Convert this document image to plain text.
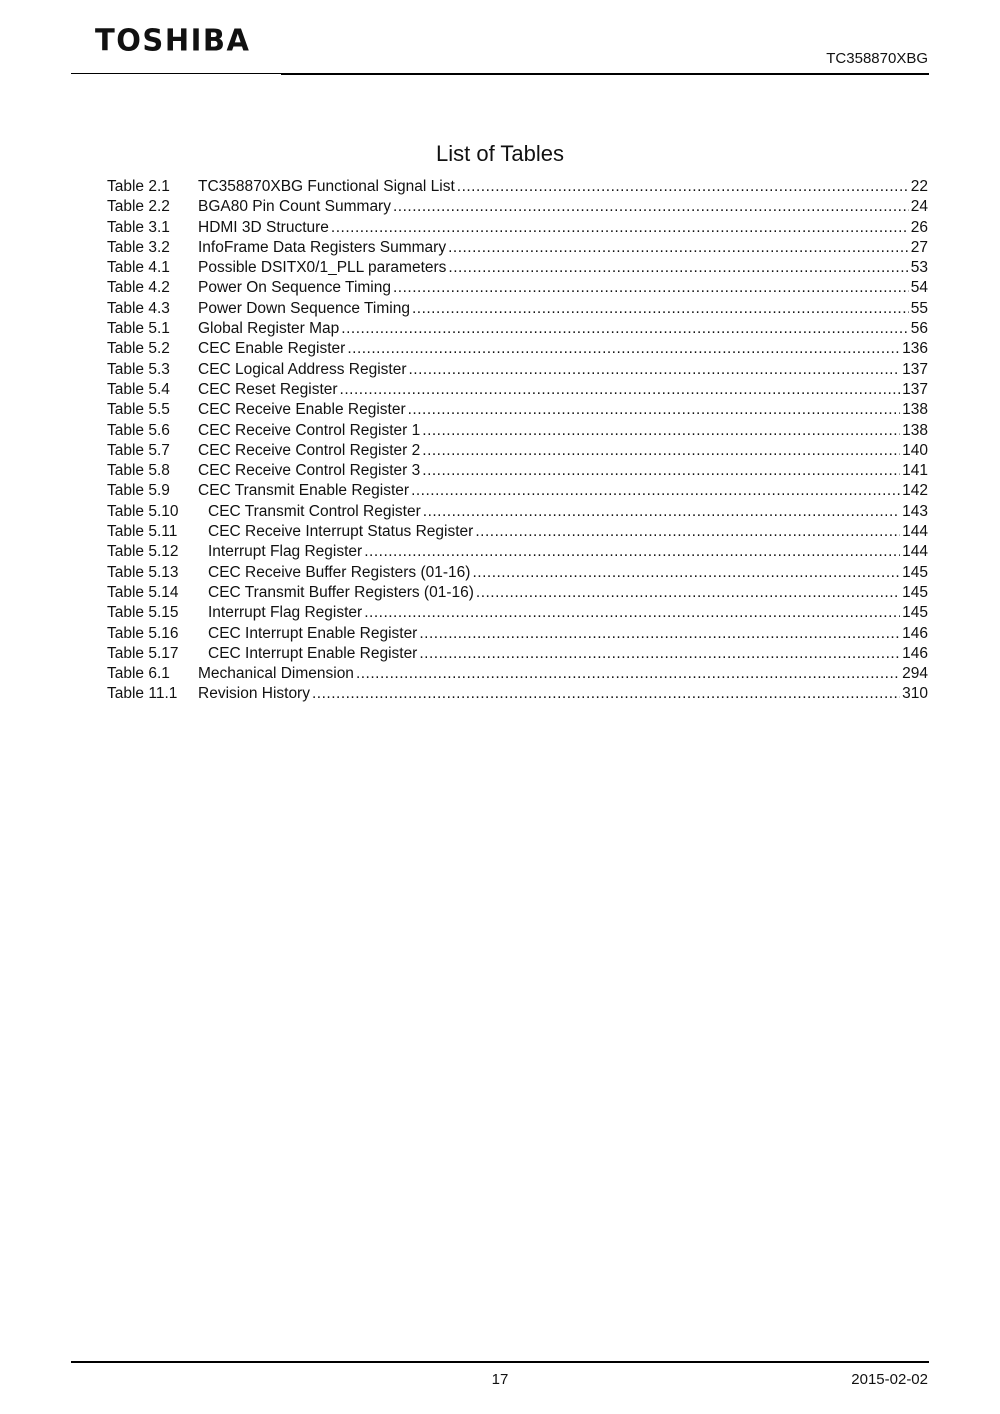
TOSHIBA
TC358870XBG
List of Tables
Table 2.1	TC358870XBG Functional Signal List .....	22
Table 2.2	BGA80 Pin Count Summary .....	24
Table 3.1	HDMI 3D Structure .....	26
Table 3.2	InfoFrame Data Registers Summary .....	27
Table 4.1	Possible DSITX0/1_PLL parameters .....	53
Table 4.2	Power On Sequence Timing .....	54
Table 4.3	Power Down Sequence Timing .....	55
Table 5.1	Global Register Map .....	56
Table 5.2	CEC Enable Register .....	136
Table 5.3	CEC Logical Address Register .....	137
Table 5.4	CEC Reset Register .....	137
Table 5.5	CEC Receive Enable Register .....	138
Table 5.6	CEC Receive Control Register 1 .....	138
Table 5.7	CEC Receive Control Register 2 .....	140
Table 5.8	CEC Receive Control Register 3 .....	141
Table 5.9	CEC Transmit Enable Register .....	142
Table 5.10	CEC Transmit Control Register .....	143
Table 5.11	CEC Receive Interrupt Status Register .....	144
Table 5.12	Interrupt Flag Register .....	144
Table 5.13	CEC Receive Buffer Registers (01-16) .....	145
Table 5.14	CEC Transmit Buffer Registers (01-16) .....	145
Table 5.15	Interrupt Flag Register .....	145
Table 5.16	CEC Interrupt Enable Register .....	146
Table 5.17	CEC Interrupt Enable Register .....	146
Table 6.1	Mechanical Dimension .....	294
Table 11.1	Revision History .....	310
17	2015-02-02
